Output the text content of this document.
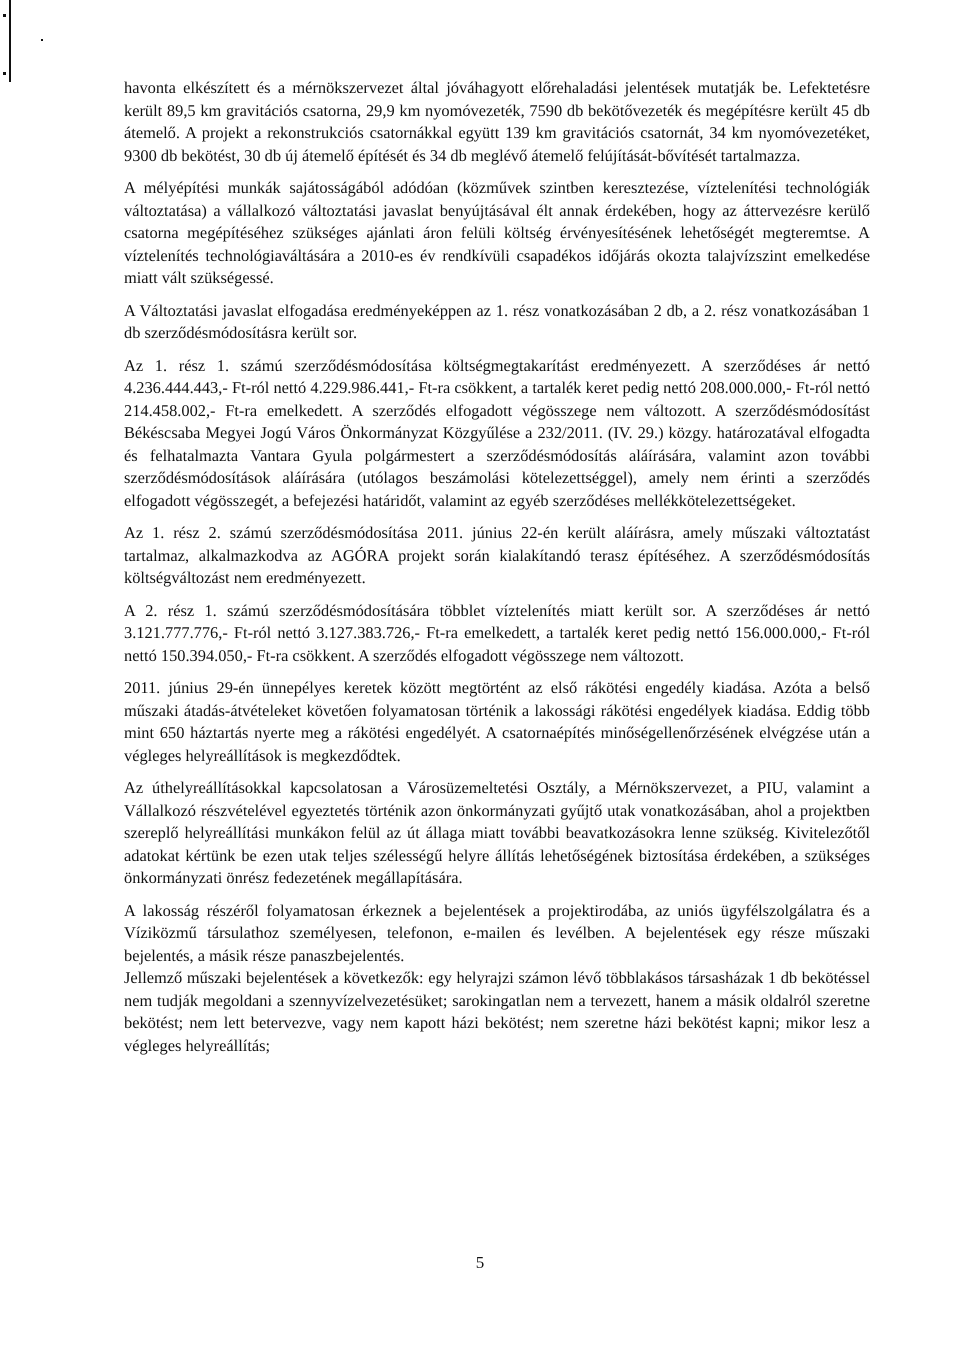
havonta elkészített és a mérnökszervezet által jóváhagyott előrehaladási jelentések mutatják be. Lefektetésre került 89,5 km gravitációs csatorna, 29,9 km nyomóvezeték, 7590 db bekötővezeték és megépítésre került 45 db átemelő. A projekt a rekonstrukciós csatornákkal együtt 139 km gravitációs csatornát, 34 km nyomóvezetéket, 9300 db bekötést, 30 db új átemelő építését és 34 db meglévő átemelő felújítását-bővítését tartalmazza.

A mélyépítési munkák sajátosságából adódóan (közművek szintben keresztezése, víztelenítési technológiák változtatása) a vállalkozó változtatási javaslat benyújtásával élt annak érdekében, hogy az áttervezésre kerülő csatorna megépítéséhez szükséges ajánlati áron felüli költség érvényesítésének lehetőségét megteremtse. A víztelenítés technológiaváltására a 2010-es év rendkívüli csapadékos időjárás okozta talajvízszint emelkedése miatt vált szükségessé.

A Változtatási javaslat elfogadása eredményeképpen az 1. rész vonatkozásában 2 db, a 2. rész vonatkozásában 1 db szerződésmódosításra került sor.

Az 1. rész 1. számú szerződésmódosítása költségmegtakarítást eredményezett. A szerződéses ár nettó 4.236.444.443,- Ft-ról nettó 4.229.986.441,- Ft-ra csökkent, a tartalék keret pedig nettó 208.000.000,- Ft-ról nettó 214.458.002,- Ft-ra emelkedett. A szerződés elfogadott végösszege nem változott. A szerződésmódosítást Békéscsaba Megyei Jogú Város Önkormányzat Közgyűlése a 232/2011. (IV. 29.) közgy. határozatával elfogadta és felhatalmazta Vantara Gyula polgármestert a szerződésmódosítás aláírására, valamint azon további szerződésmódosítások aláírására (utólagos beszámolási kötelezettséggel), amely nem érinti a szerződés elfogadott végösszegét, a befejezési határidőt, valamint az egyéb szerződéses mellékkötelezettségeket.

Az 1. rész 2. számú szerződésmódosítása 2011. június 22-én került aláírásra, amely műszaki változtatást tartalmaz, alkalmazkodva az AGÓRA projekt során kialakítandó terasz építéséhez. A szerződésmódosítás költségváltozást nem eredményezett.

A 2. rész 1. számú szerződésmódosítására többlet víztelenítés miatt került sor. A szerződéses ár nettó 3.121.777.776,- Ft-ról nettó 3.127.383.726,- Ft-ra emelkedett, a tartalék keret pedig nettó 156.000.000,- Ft-ról nettó 150.394.050,- Ft-ra csökkent. A szerződés elfogadott végösszege nem változott.

2011. június 29-én ünnepélyes keretek között megtörtént az első rákötési engedély kiadása. Azóta a belső műszaki átadás-átvételeket követően folyamatosan történik a lakossági rákötési engedélyek kiadása. Eddig több mint 650 háztartás nyerte meg a rákötési engedélyét. A csatornaépítés minőségellenőrzésének elvégzése után a végleges helyreállítások is megkezdődtek.

Az úthelyreállításokkal kapcsolatosan a Városüzemeltetési Osztály, a Mérnökszervezet, a PIU, valamint a Vállalkozó részvételével egyeztetés történik azon önkormányzati gyűjtő utak vonatkozásában, ahol a projektben szereplő helyreállítási munkákon felül az út állaga miatt további beavatkozásokra lenne szükség. Kivitelezőtől adatokat kértünk be ezen utak teljes szélességű helyre állítás lehetőségének biztosítása érdekében, a szükséges önkormányzati önrész fedezetének megállapítására.

A lakosság részéről folyamatosan érkeznek a bejelentések a projektirodába, az uniós ügyfélszolgálatra és a Víziközmű társulathoz személyesen, telefonon, e-mailen és levélben. A bejelentések egy része műszaki bejelentés, a másik része panaszbejelentés.

Jellemző műszaki bejelentések a következők: egy helyrajzi számon lévő többlakásos társasházak 1 db bekötéssel nem tudják megoldani a szennyvízelvezetésüket; sarokingatlan nem a tervezett, hanem a másik oldalról szeretne bekötést; nem lett betervezve, vagy nem kapott házi bekötést; nem szeretne házi bekötést kapni; mikor lesz a végleges helyreállítás;

5
